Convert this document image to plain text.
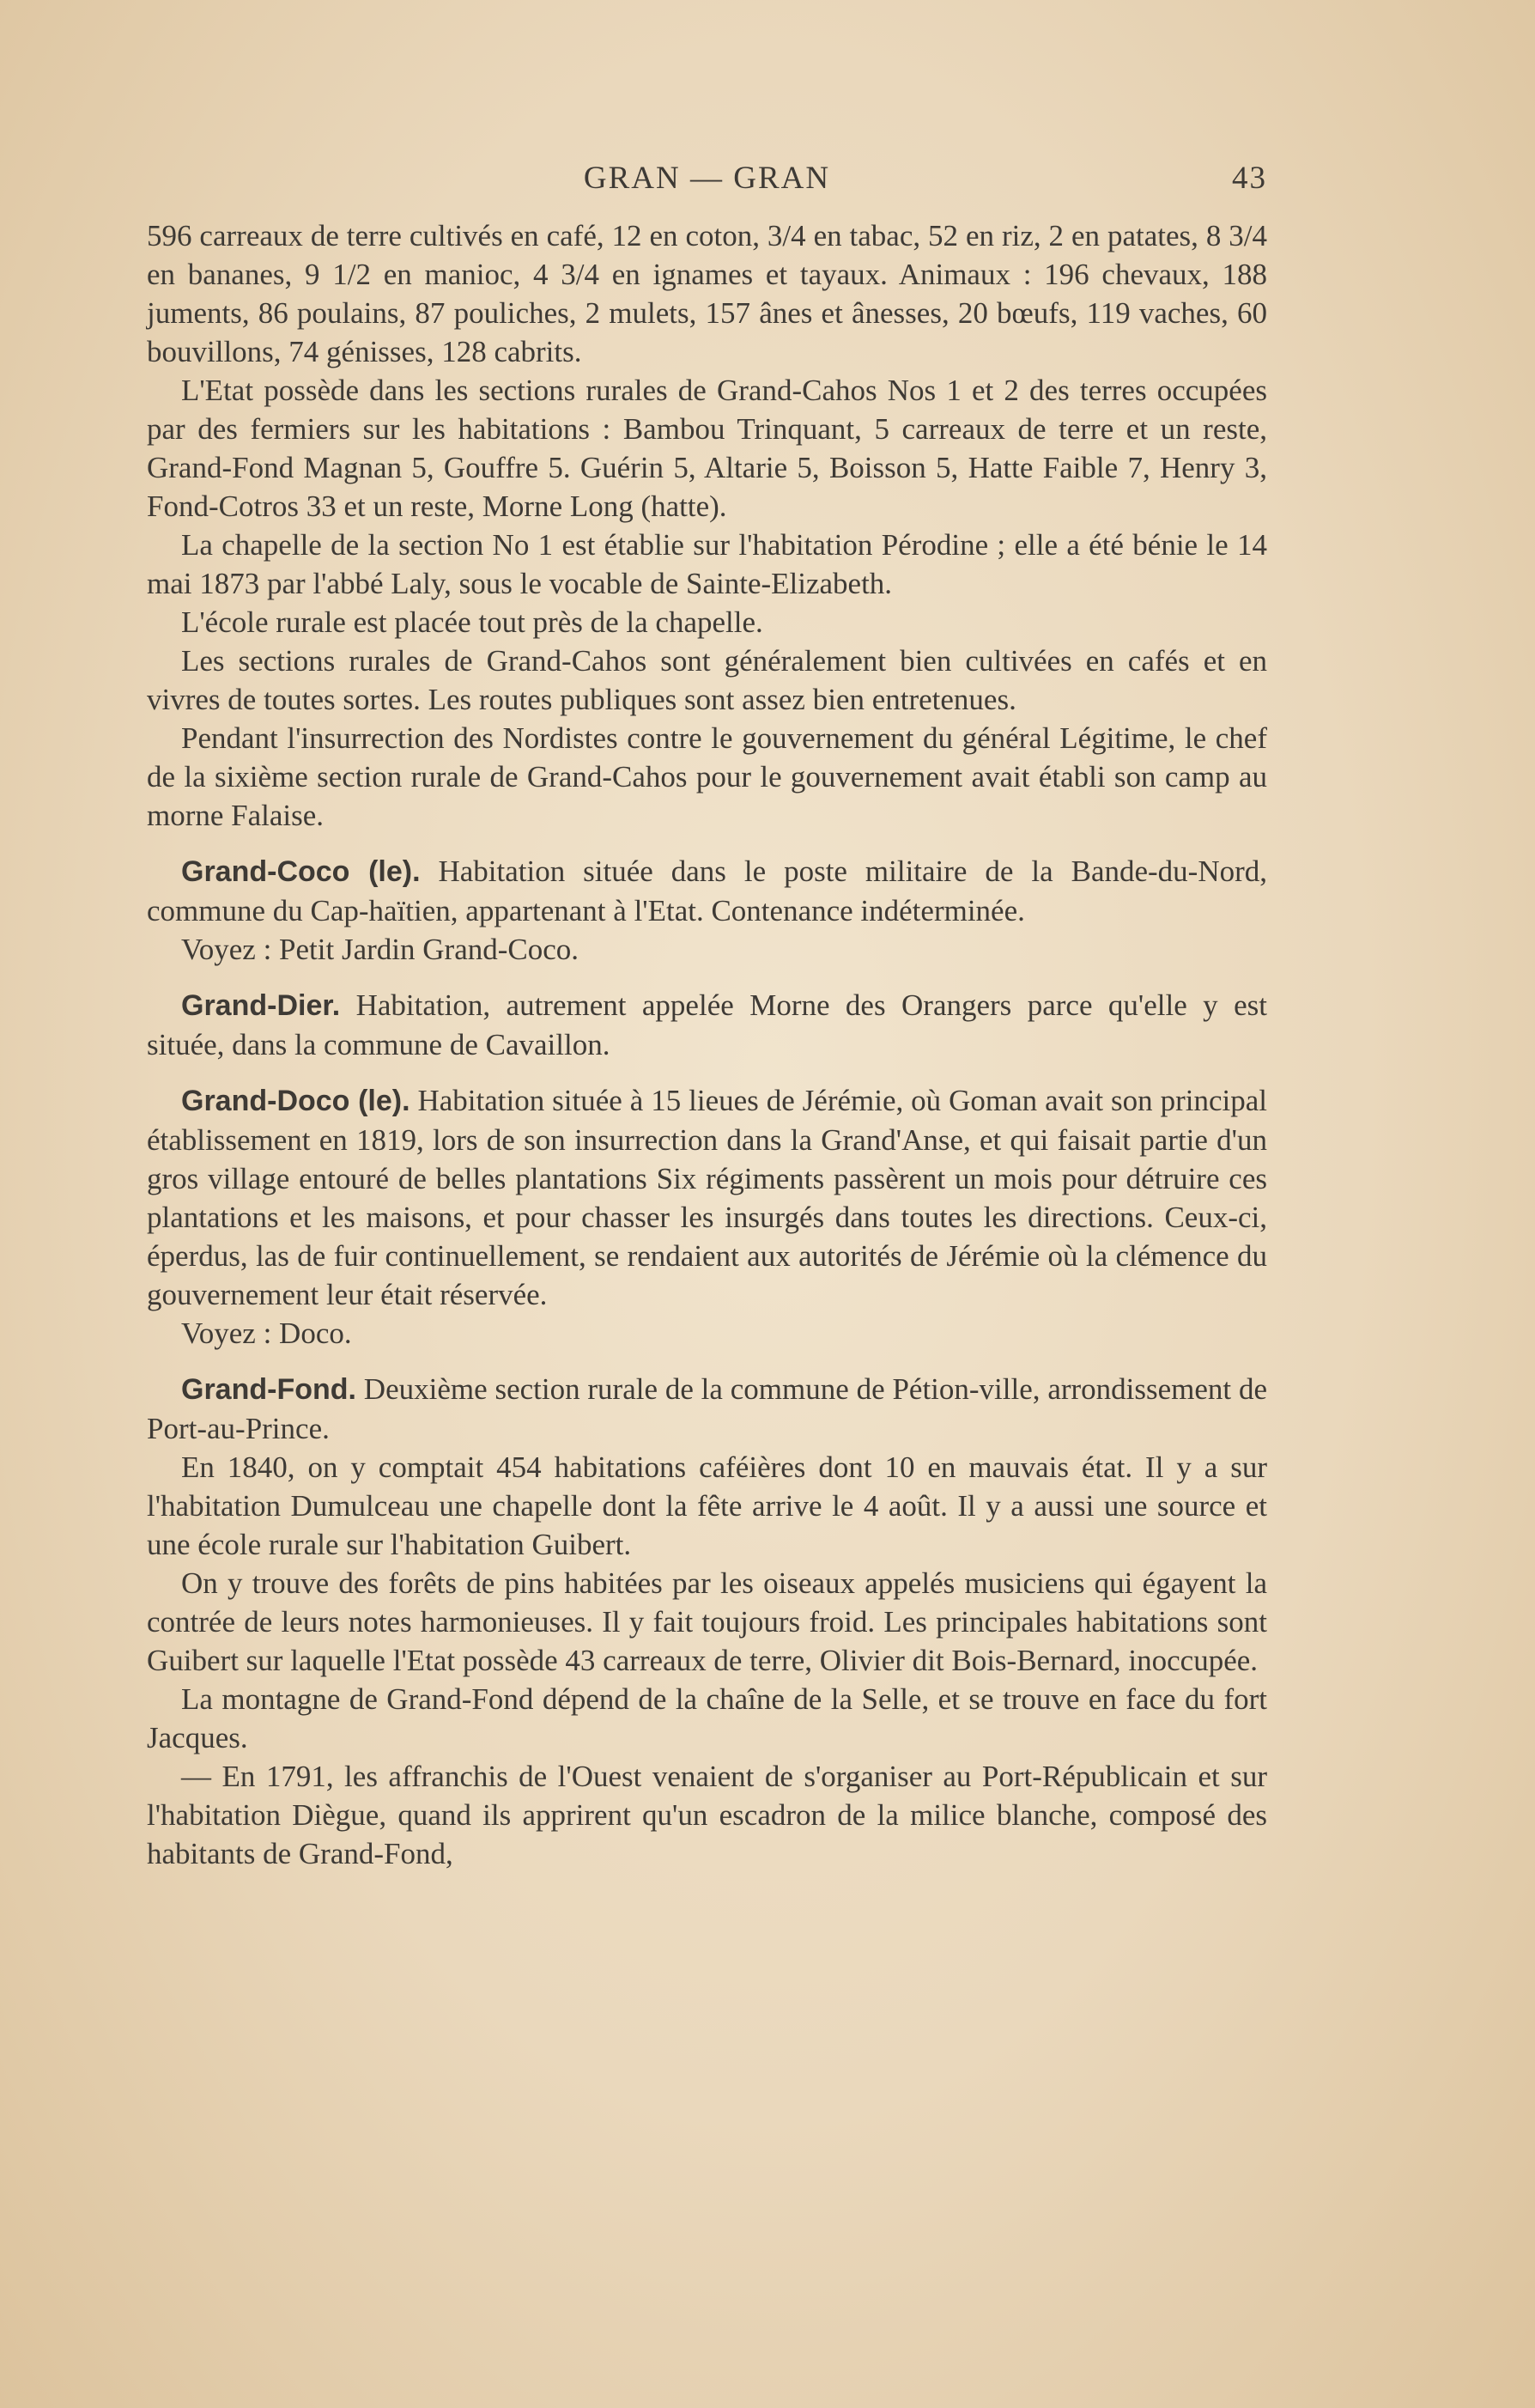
GRAN — GRAN	43

596 carreaux de terre cultivés en café, 12 en coton, 3/4 en tabac, 52 en riz, 2 en patates, 8 3/4 en bananes, 9 1/2 en manioc, 4 3/4 en ignames et tayaux. Animaux : 196 chevaux, 188 juments, 86 poulains, 87 pouliches, 2 mulets, 157 ânes et ânesses, 20 bœufs, 119 vaches, 60 bouvillons, 74 génisses, 128 cabrits.

L'Etat possède dans les sections rurales de Grand-Cahos Nos 1 et 2 des terres occupées par des fermiers sur les habitations : Bambou Trinquant, 5 carreaux de terre et un reste, Grand-Fond Magnan 5, Gouffre 5. Guérin 5, Altarie 5, Boisson 5, Hatte Faible 7, Henry 3, Fond-Cotros 33 et un reste, Morne Long (hatte).

La chapelle de la section No 1 est établie sur l'habitation Pérodine ; elle a été bénie le 14 mai 1873 par l'abbé Laly, sous le vocable de Sainte-Elizabeth.

L'école rurale est placée tout près de la chapelle.

Les sections rurales de Grand-Cahos sont généralement bien cultivées en cafés et en vivres de toutes sortes. Les routes publiques sont assez bien entretenues.

Pendant l'insurrection des Nordistes contre le gouvernement du général Légitime, le chef de la sixième section rurale de Grand-Cahos pour le gouvernement avait établi son camp au morne Falaise.

Grand-Coco (le). Habitation située dans le poste militaire de la Bande-du-Nord, commune du Cap-haïtien, appartenant à l'Etat. Contenance indéterminée.

Voyez : Petit Jardin Grand-Coco.

Grand-Dier. Habitation, autrement appelée Morne des Orangers parce qu'elle y est située, dans la commune de Cavaillon.

Grand-Doco (le). Habitation située à 15 lieues de Jérémie, où Goman avait son principal établissement en 1819, lors de son insurrection dans la Grand'Anse, et qui faisait partie d'un gros village entouré de belles plantations Six régiments passèrent un mois pour détruire ces plantations et les maisons, et pour chasser les insurgés dans toutes les directions. Ceux-ci, éperdus, las de fuir continuellement, se rendaient aux autorités de Jérémie où la clémence du gouvernement leur était réservée.

Voyez : Doco.

Grand-Fond. Deuxième section rurale de la commune de Pétion-ville, arrondissement de Port-au-Prince.

En 1840, on y comptait 454 habitations caféières dont 10 en mauvais état. Il y a sur l'habitation Dumulceau une chapelle dont la fête arrive le 4 août. Il y a aussi une source et une école rurale sur l'habitation Guibert.

On y trouve des forêts de pins habitées par les oiseaux appelés musiciens qui égayent la contrée de leurs notes harmonieuses. Il y fait toujours froid. Les principales habitations sont Guibert sur laquelle l'Etat possède 43 carreaux de terre, Olivier dit Bois-Bernard, inoccupée.

La montagne de Grand-Fond dépend de la chaîne de la Selle, et se trouve en face du fort Jacques.

— En 1791, les affranchis de l'Ouest venaient de s'organiser au Port-Républicain et sur l'habitation Diègue, quand ils apprirent qu'un escadron de la milice blanche, composé des habitants de Grand-Fond,
